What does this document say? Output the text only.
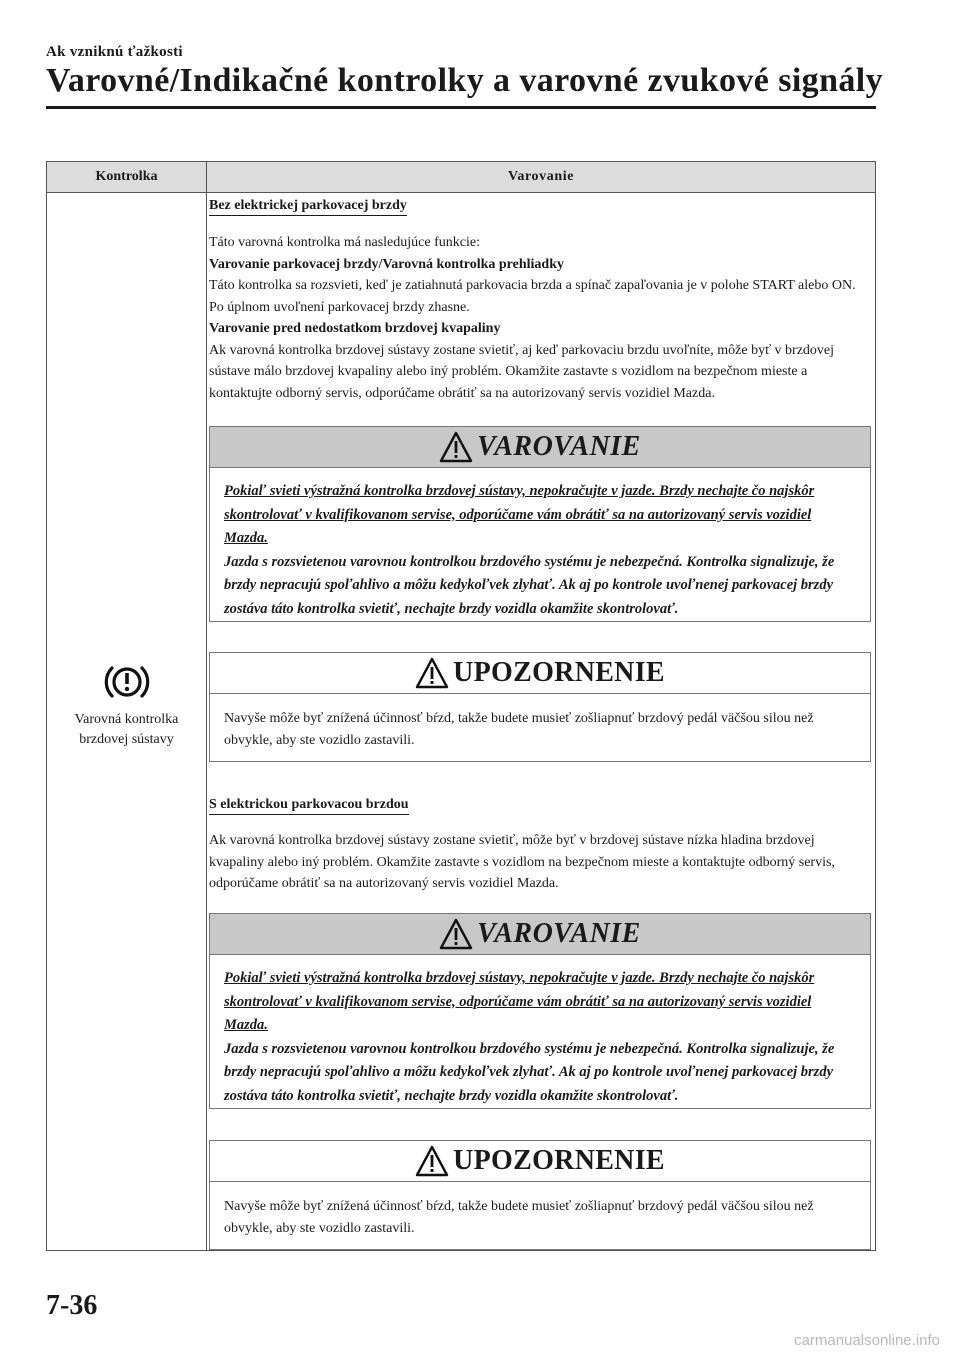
Ak vzniknú ťažkosti
Varovné/Indikačné kontrolky a varovné zvukové signály
Kontrolka	Varovanie
Varovná kontrolka
brzdovej sústavy
Bez elektrickej parkovacej brzdy
Táto varovná kontrolka má nasledujúce funkcie:
Varovanie parkovacej brzdy/Varovná kontrolka prehliadky
Táto kontrolka sa rozsvieti, keď je zatiahnutá parkovacia brzda a spínač zapaľovania je v polohe START alebo ON. Po úplnom uvoľnení parkovacej brzdy zhasne.
Varovanie pred nedostatkom brzdovej kvapaliny
Ak varovná kontrolka brzdovej sústavy zostane svietiť, aj keď parkovaciu brzdu uvoľníte, môže byť v brzdovej sústave málo brzdovej kvapaliny alebo iný problém. Okamžite zastavte s vozidlom na bezpečnom mieste a kontaktujte odborný servis, odporúčame obrátiť sa na autorizovaný servis vozidiel Mazda.
VAROVANIE
Pokiaľ svieti výstražná kontrolka brzdovej sústavy, nepokračujte v jazde. Brzdy nechajte čo najskôr skontrolovať v kvalifikovanom servise, odporúčame vám obrátiť sa na autorizovaný servis vozidiel Mazda.
Jazda s rozsvietenou varovnou kontrolkou brzdového systému je nebezpečná. Kontrolka signalizuje, že brzdy nepracujú spoľahlivo a môžu kedykoľvek zlyhať. Ak aj po kontrole uvoľnenej parkovacej brzdy zostáva táto kontrolka svietiť, nechajte brzdy vozidla okamžite skontrolovať.
UPOZORNENIE
Navyše môže byť znížená účinnosť bŕzd, takže budete musieť zošliapnuť brzdový pedál väčšou silou než obvykle, aby ste vozidlo zastavili.
S elektrickou parkovacou brzdou
Ak varovná kontrolka brzdovej sústavy zostane svietiť, môže byť v brzdovej sústave nízka hladina brzdovej kvapaliny alebo iný problém. Okamžite zastavte s vozidlom na bezpečnom mieste a kontaktujte odborný servis, odporúčame obrátiť sa na autorizovaný servis vozidiel Mazda.
VAROVANIE
Pokiaľ svieti výstražná kontrolka brzdovej sústavy, nepokračujte v jazde. Brzdy nechajte čo najskôr skontrolovať v kvalifikovanom servise, odporúčame vám obrátiť sa na autorizovaný servis vozidiel Mazda.
Jazda s rozsvietenou varovnou kontrolkou brzdového systému je nebezpečná. Kontrolka signalizuje, že brzdy nepracujú spoľahlivo a môžu kedykoľvek zlyhať. Ak aj po kontrole uvoľnenej parkovacej brzdy zostáva táto kontrolka svietiť, nechajte brzdy vozidla okamžite skontrolovať.
UPOZORNENIE
Navyše môže byť znížená účinnosť bŕzd, takže budete musieť zošliapnuť brzdový pedál väčšou silou než obvykle, aby ste vozidlo zastavili.
7-36
carmanualsonline.info
